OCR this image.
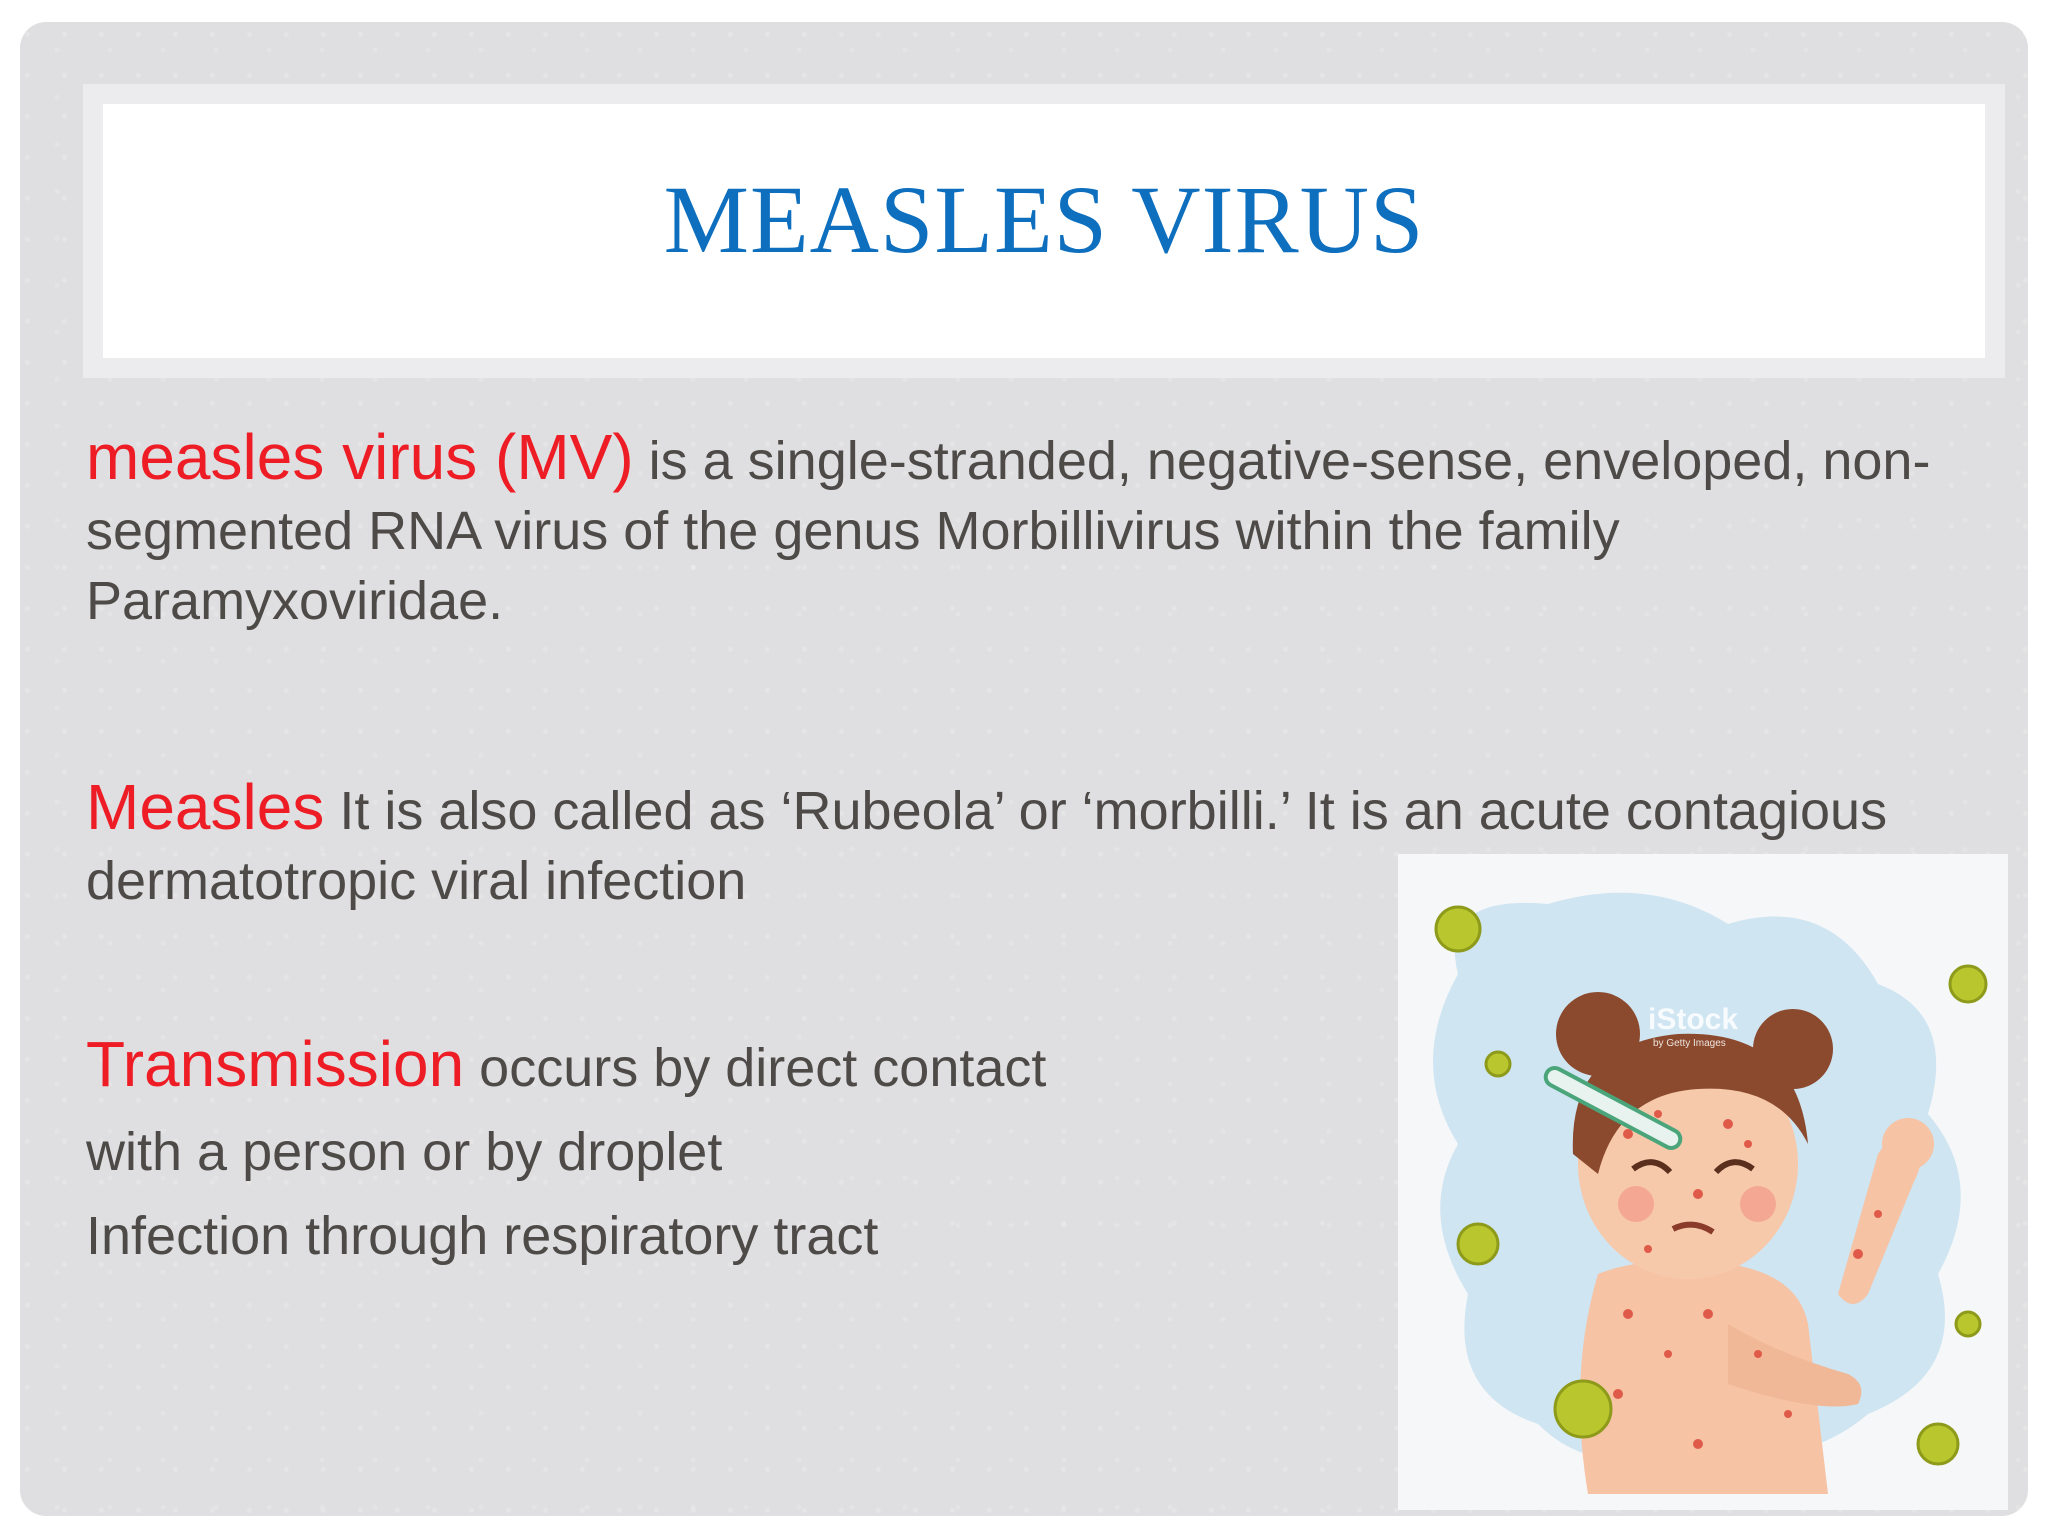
MEASLES VIRUS

measles virus (MV) is a single-stranded, negative-sense, enveloped, non-segmented RNA virus of the genus Morbillivirus within the family Paramyxoviridae.

Measles It is also called as ‘Rubeola’ or ‘morbilli.’ It is an acute contagious dermatotropic viral infection

Transmission occurs by direct contact
with a person or by droplet
Infection through respiratory tract

iStock
by Getty Images
